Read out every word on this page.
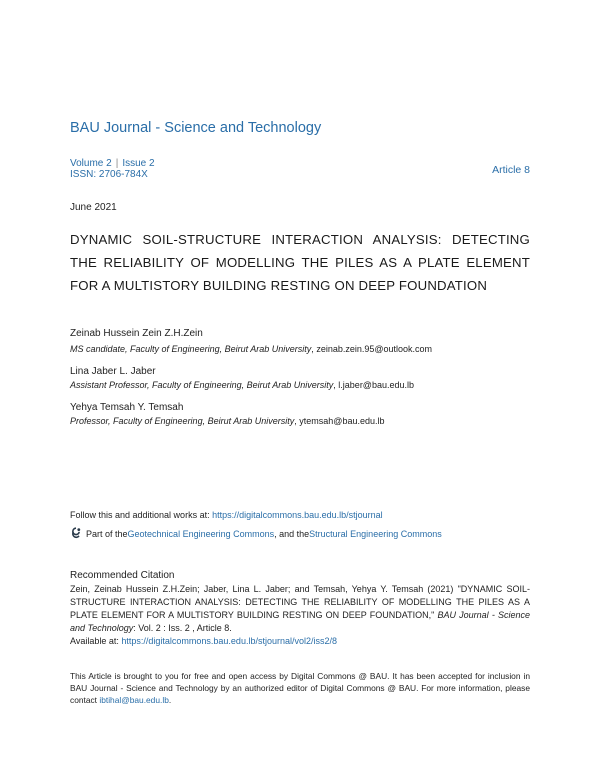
BAU Journal - Science and Technology
Volume 2 | Issue 2
ISSN: 2706-784X	Article 8
June 2021
DYNAMIC SOIL-STRUCTURE INTERACTION ANALYSIS: DETECTING THE RELIABILITY OF MODELLING THE PILES AS A PLATE ELEMENT FOR A MULTISTORY BUILDING RESTING ON DEEP FOUNDATION
Zeinab Hussein Zein Z.H.Zein
MS candidate, Faculty of Engineering, Beirut Arab University, zeinab.zein.95@outlook.com
Lina Jaber L. Jaber
Assistant Professor, Faculty of Engineering, Beirut Arab University, l.jaber@bau.edu.lb
Yehya Temsah Y. Temsah
Professor, Faculty of Engineering, Beirut Arab University, ytemsah@bau.edu.lb
Follow this and additional works at: https://digitalcommons.bau.edu.lb/stjournal
Part of the Geotechnical Engineering Commons , and the Structural Engineering Commons
Recommended Citation

Zein, Zeinab Hussein Z.H.Zein; Jaber, Lina L. Jaber; and Temsah, Yehya Y. Temsah (2021) "DYNAMIC SOIL-STRUCTURE INTERACTION ANALYSIS: DETECTING THE RELIABILITY OF MODELLING THE PILES AS A PLATE ELEMENT FOR A MULTISTORY BUILDING RESTING ON DEEP FOUNDATION," BAU Journal - Science and Technology: Vol. 2 : Iss. 2 , Article 8.

Available at: https://digitalcommons.bau.edu.lb/stjournal/vol2/iss2/8

This Article is brought to you for free and open access by Digital Commons @ BAU. It has been accepted for inclusion in BAU Journal - Science and Technology by an authorized editor of Digital Commons @ BAU. For more information, please contact ibtihal@bau.edu.lb.
